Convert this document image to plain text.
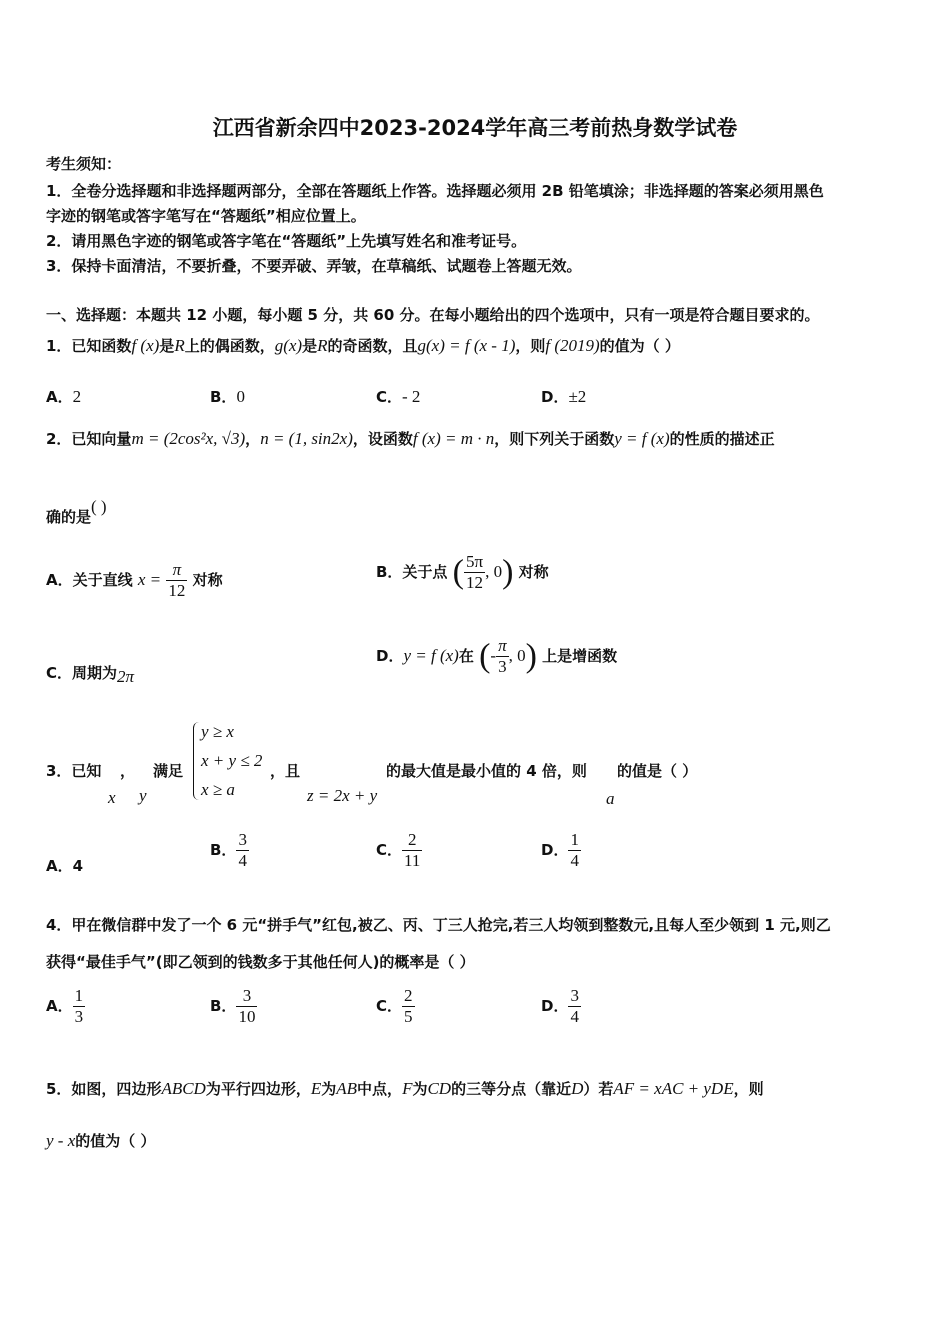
江西省新余四中2023-2024学年高三考前热身数学试卷
考生须知：
1．全卷分选择题和非选择题两部分，全部在答题纸上作答。选择题必须用 2B 铅笔填涂；非选择题的答案必须用黑色
字迹的钢笔或答字笔写在“答题纸”相应位置上。
2．请用黑色字迹的钢笔或答字笔在“答题纸”上先填写姓名和准考证号。
3．保持卡面清洁，不要折叠，不要弄破、弄皱，在草稿纸、试题卷上答题无效。
一、选择题：本题共 12 小题，每小题 5 分，共 60 分。在每小题给出的四个选项中，只有一项是符合题目要求的。
1．已知函数f (x)是R上的偶函数，g(x)是R的奇函数，且g(x) = f (x - 1)，则f (2019)的值为（ ）
A．2	B．0	C．- 2	D．±2
2．已知向量m = (2cos²x, √3)，n = (1, sin2x)，设函数f (x) = m · n，则下列关于函数y = f (x)的性质的描述正
确的是( )
A．关于直线 $x = \frac{\pi}{12}$ 对称	B．关于点 ( $\frac{5\pi}{12}$ , 0) 对称
C．周期为2π
D．y = f (x)在 (- $\frac{\pi}{3}$ , 0) 上是增函数
3．已知 ， 满足
y ≥ x
x + y ≤ 2
x ≥ a
，且	的最大值是最小值的 4 倍，则 的值是（ ）
x y	z = 2x + y	a
A．4
B． $\frac{3}{4}$	C． $\frac{2}{11}$	D． $\frac{1}{4}$
4．甲在微信群中发了一个 6 元“拼手气”红包,被乙、丙、丁三人抢完,若三人均领到整数元,且每人至少领到 1 元,则乙
获得“最佳手气”(即乙领到的钱数多于其他任何人)的概率是（ ）
A． $\frac{1}{3}$	B． $\frac{3}{10}$	C． $\frac{2}{5}$	D． $\frac{3}{4}$
5．如图，四边形ABCD为平行四边形，E为AB中点，F为CD的三等分点（靠近D）若AF = xAC + yDE，则
y - x的值为（ ）
